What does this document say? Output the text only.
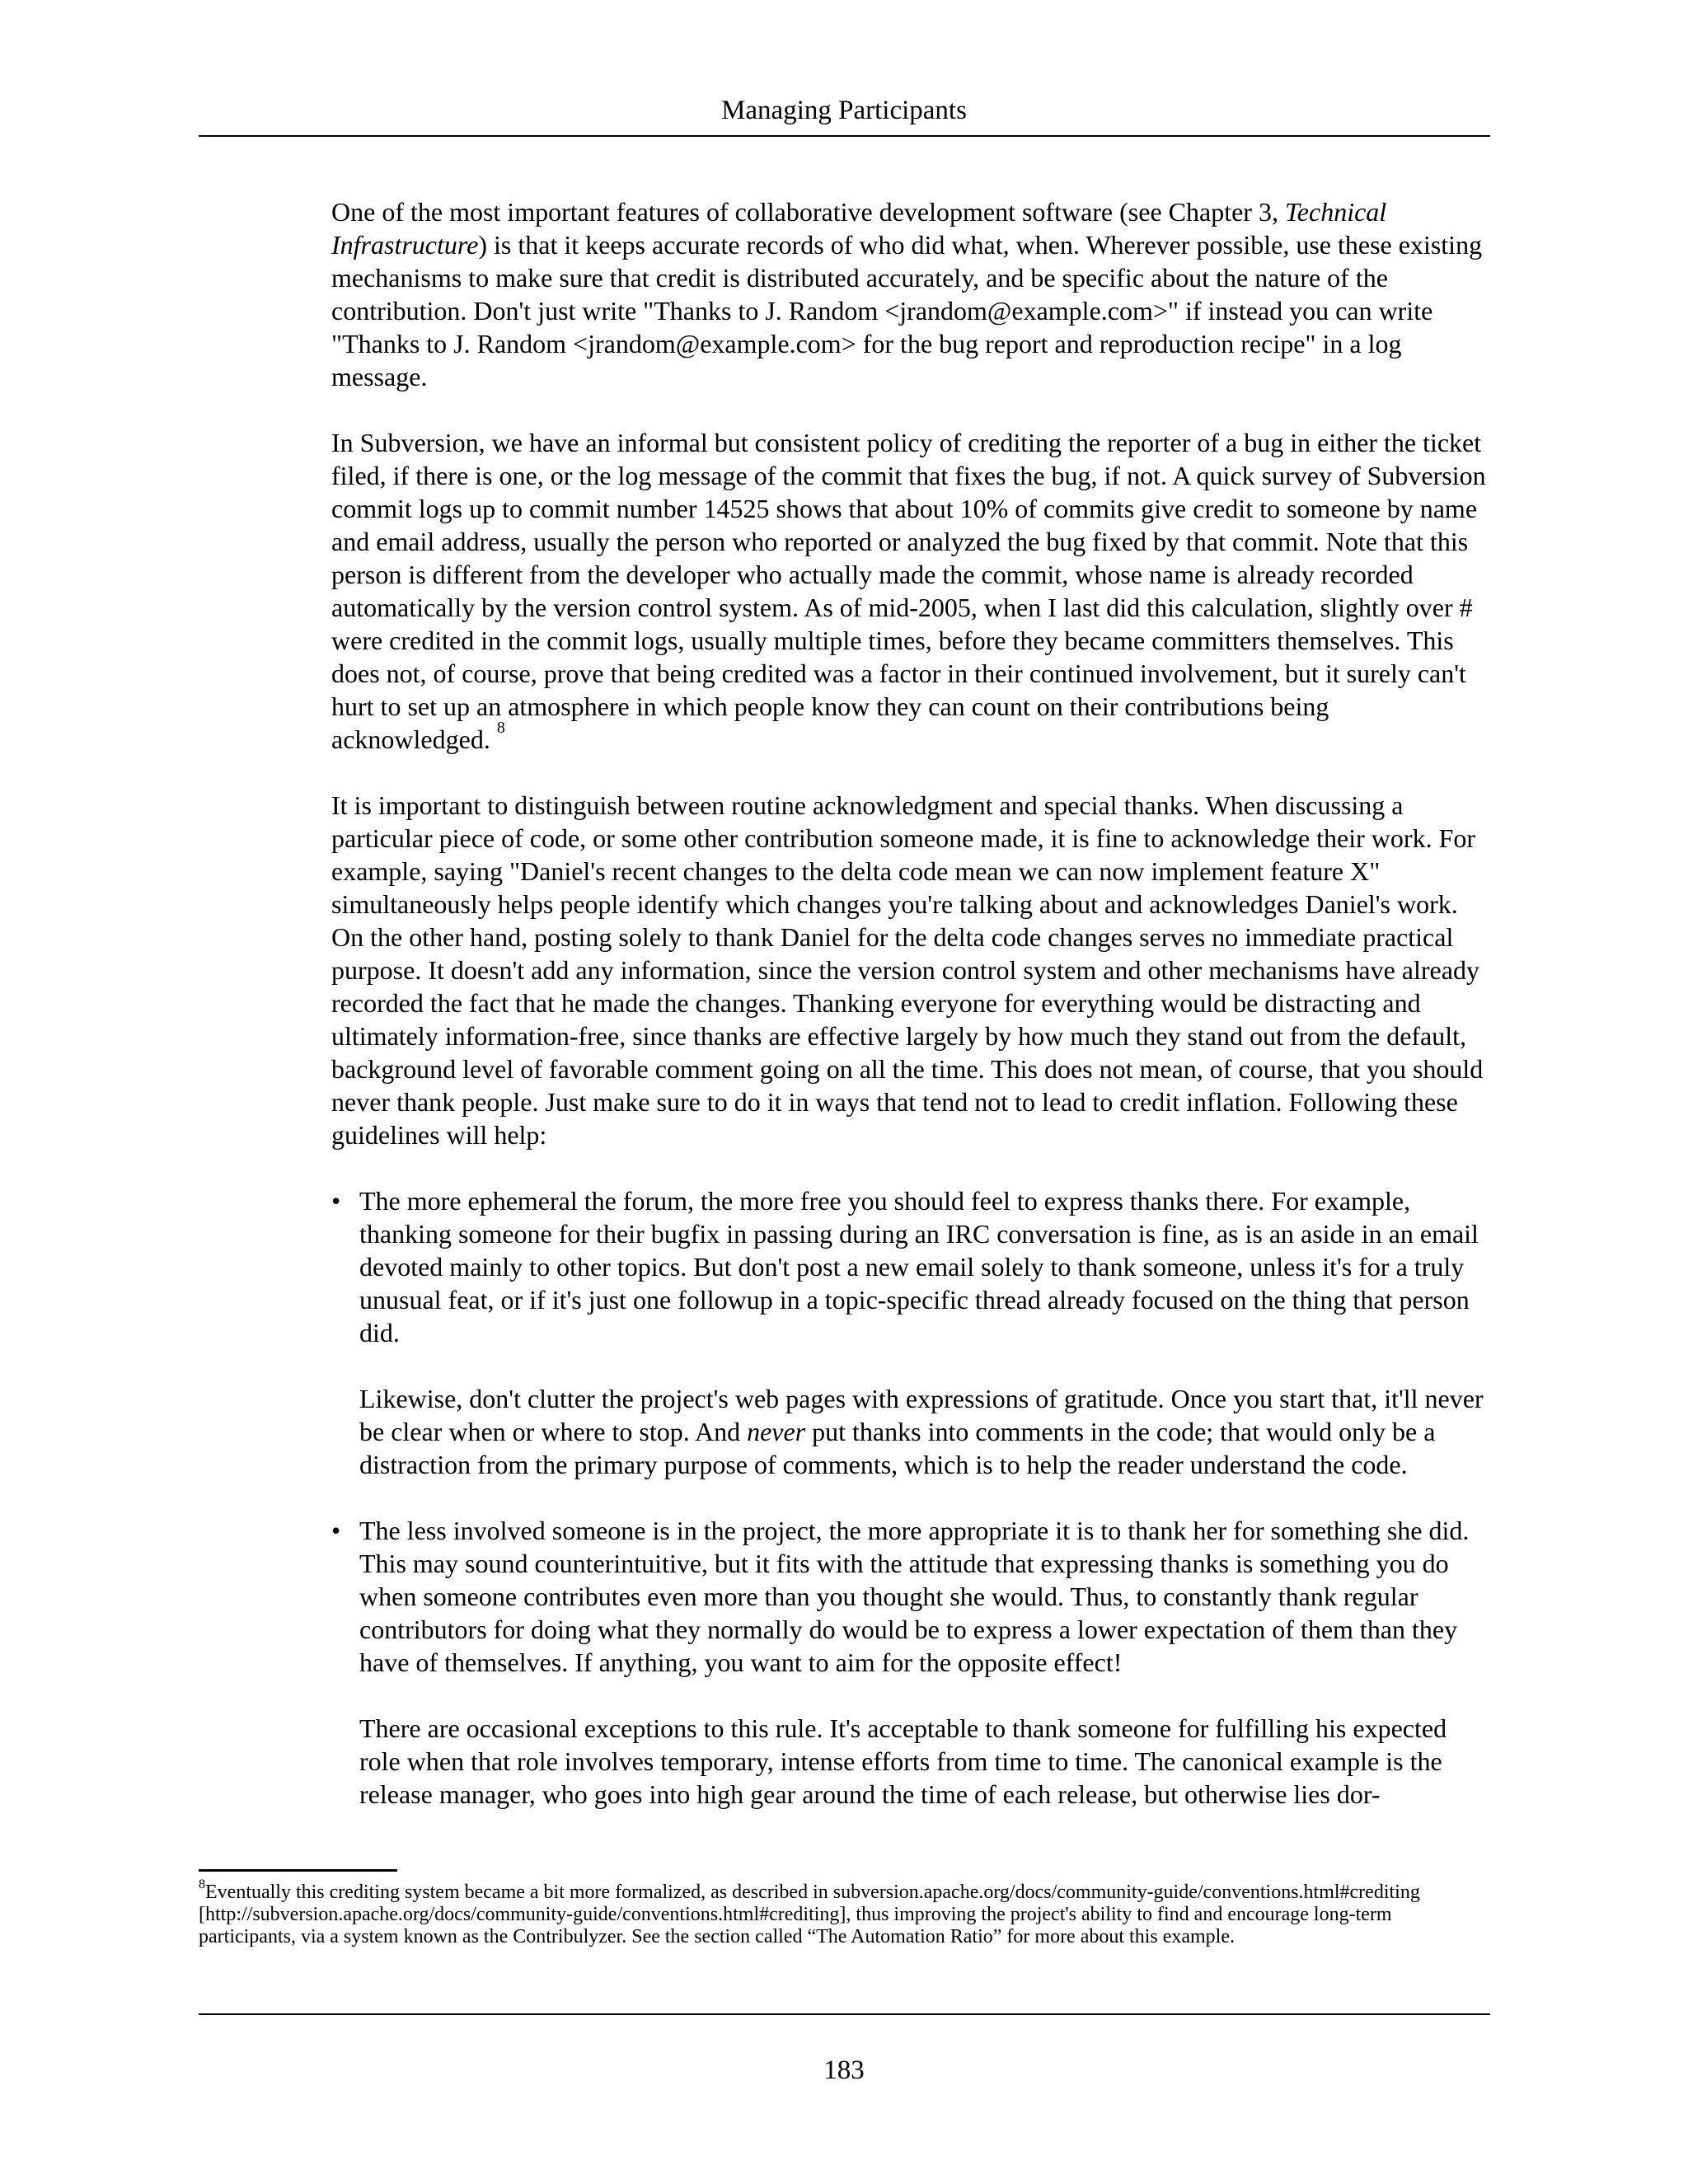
Managing Participants

One of the most important features of collaborative development software (see Chapter 3, Technical Infrastructure) is that it keeps accurate records of who did what, when. Wherever possible, use these existing mechanisms to make sure that credit is distributed accurately, and be specific about the nature of the contribution. Don't just write "Thanks to J. Random <jrandom@example.com>" if instead you can write "Thanks to J. Random <jrandom@example.com> for the bug report and reproduction recipe" in a log message.

In Subversion, we have an informal but consistent policy of crediting the reporter of a bug in either the ticket filed, if there is one, or the log message of the commit that fixes the bug, if not. A quick survey of Subversion commit logs up to commit number 14525 shows that about 10% of commits give credit to someone by name and email address, usually the person who reported or analyzed the bug fixed by that commit. Note that this person is different from the developer who actually made the commit, whose name is already recorded automatically by the version control system. As of mid-2005, when I last did this calculation, slightly over # were credited in the commit logs, usually multiple times, before they became committers themselves. This does not, of course, prove that being credited was a factor in their continued involvement, but it surely can't hurt to set up an atmosphere in which people know they can count on their contributions being acknowledged. $^8$

It is important to distinguish between routine acknowledgment and special thanks. When discussing a particular piece of code, or some other contribution someone made, it is fine to acknowledge their work. For example, saying "Daniel's recent changes to the delta code mean we can now implement feature X" simultaneously helps people identify which changes you're talking about and acknowledges Daniel's work. On the other hand, posting solely to thank Daniel for the delta code changes serves no immediate practical purpose. It doesn't add any information, since the version control system and other mechanisms have already recorded the fact that he made the changes. Thanking everyone for everything would be distracting and ultimately information-free, since thanks are effective largely by how much they stand out from the default, background level of favorable comment going on all the time. This does not mean, of course, that you should never thank people. Just make sure to do it in ways that tend not to lead to credit inflation. Following these guidelines will help:

• The more ephemeral the forum, the more free you should feel to express thanks there. For example, thanking someone for their bugfix in passing during an IRC conversation is fine, as is an aside in an email devoted mainly to other topics. But don't post a new email solely to thank someone, unless it's for a truly unusual feat, or if it's just one followup in a topic-specific thread already focused on the thing that person did.

Likewise, don't clutter the project's web pages with expressions of gratitude. Once you start that, it'll never be clear when or where to stop. And never put thanks into comments in the code; that would only be a distraction from the primary purpose of comments, which is to help the reader understand the code.

• The less involved someone is in the project, the more appropriate it is to thank her for something she did. This may sound counterintuitive, but it fits with the attitude that expressing thanks is something you do when someone contributes even more than you thought she would. Thus, to constantly thank regular contributors for doing what they normally do would be to express a lower expectation of them than they have of themselves. If anything, you want to aim for the opposite effect!

There are occasional exceptions to this rule. It's acceptable to thank someone for fulfilling his expected role when that role involves temporary, intense efforts from time to time. The canonical example is the release manager, who goes into high gear around the time of each release, but otherwise lies dor-

$^8$Eventually this crediting system became a bit more formalized, as described in subversion.apache.org/docs/community-guide/conventions.html#crediting [http://subversion.apache.org/docs/community-guide/conventions.html#crediting], thus improving the project's ability to find and encourage long-term participants, via a system known as the Contribulyzer. See the section called “The Automation Ratio” for more about this example.
183
